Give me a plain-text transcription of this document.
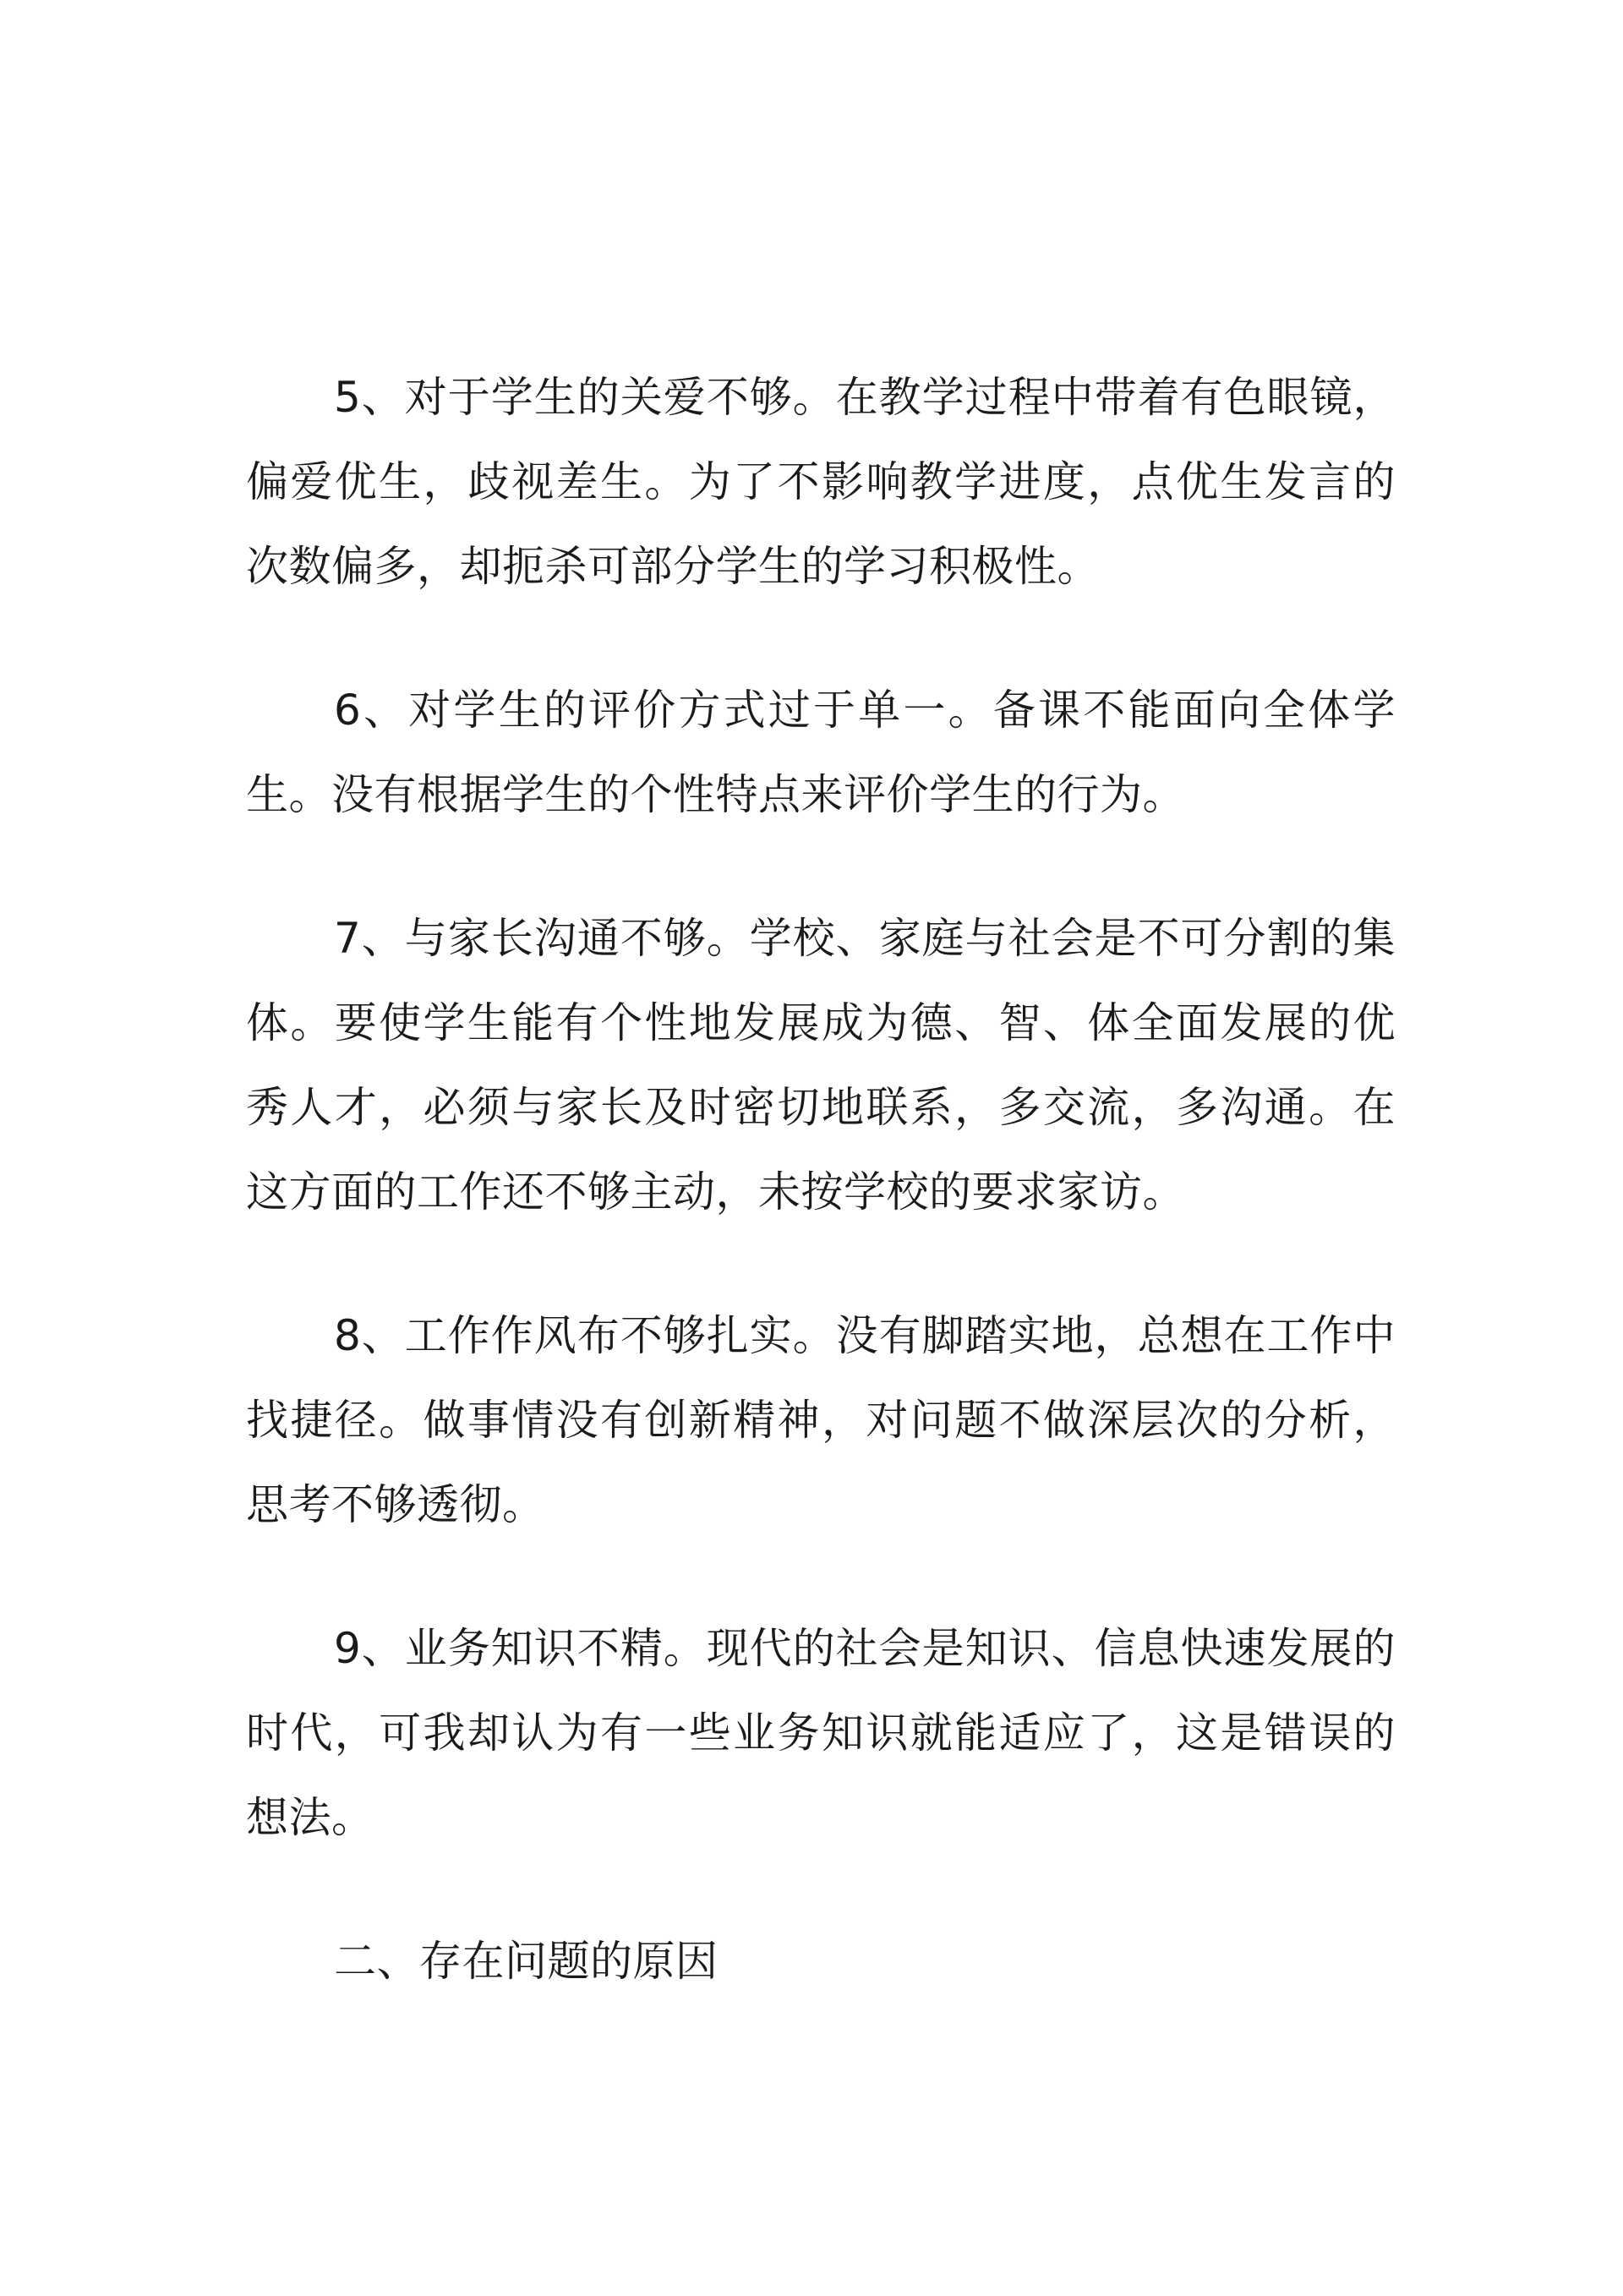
5、对于学生的关爱不够。在教学过程中带着有色眼镜，偏爱优生，歧视差生。为了不影响教学进度，点优生发言的次数偏多，却扼杀可部分学生的学习积极性。

6、对学生的评价方式过于单一。备课不能面向全体学生。没有根据学生的个性特点来评价学生的行为。

7、与家长沟通不够。学校、家庭与社会是不可分割的集体。要使学生能有个性地发展成为德、智、体全面发展的优秀人才，必须与家长及时密切地联系，多交流，多沟通。在这方面的工作还不够主动，未按学校的要求家访。

8、工作作风布不够扎实。没有脚踏实地，总想在工作中找捷径。做事情没有创新精神，对问题不做深层次的分析，思考不够透彻。

9、业务知识不精。现代的社会是知识、信息快速发展的时代，可我却认为有一些业务知识就能适应了，这是错误的想法。

二、存在问题的原因
